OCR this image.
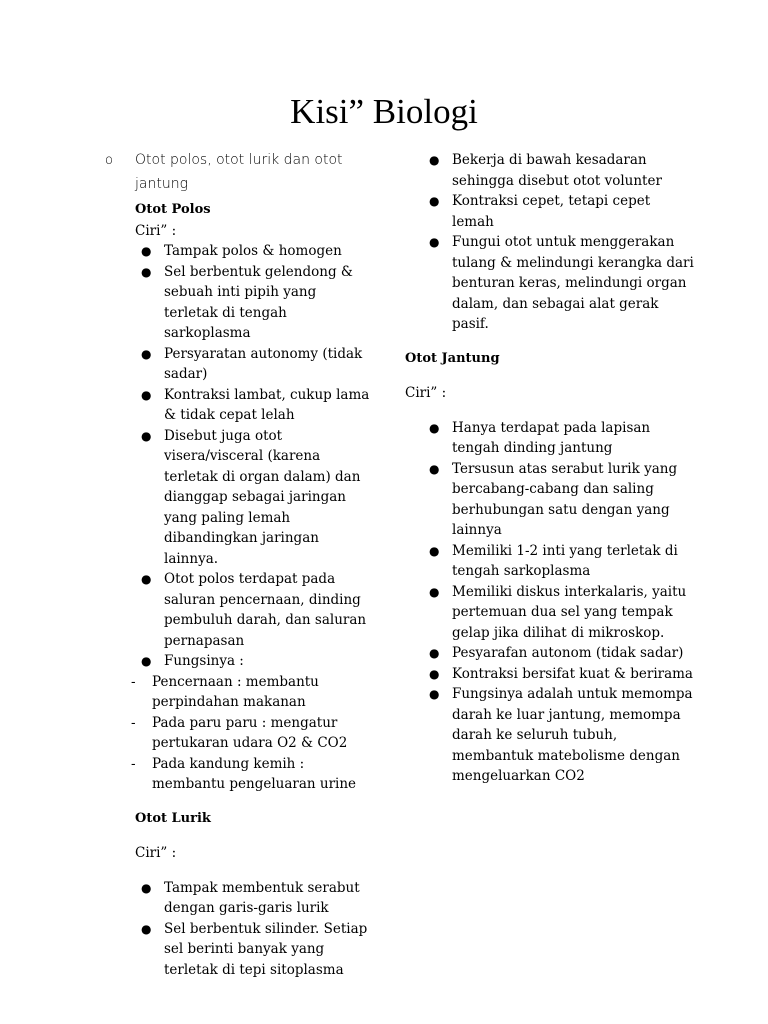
Kisi” Biologi
o Otot polos, otot lurik dan otot jantung
Otot Polos
Ciri” :
● Tampak polos & homogen
● Sel berbentuk gelendong & sebuah inti pipih yang terletak di tengah sarkoplasma
● Persyaratan autonomy (tidak sadar)
● Kontraksi lambat, cukup lama & tidak cepat lelah
● Disebut juga otot visera/visceral (karena terletak di organ dalam) dan dianggap sebagai jaringan yang paling lemah dibandingkan jaringan lainnya.
● Otot polos terdapat pada saluran pencernaan, dinding pembuluh darah, dan saluran pernapasan
● Fungsinya :
- Pencernaan : membantu perpindahan makanan
- Pada paru paru : mengatur pertukaran udara O2 & CO2
- Pada kandung kemih : membantu pengeluaran urine
Otot Lurik
Ciri” :
● Tampak membentuk serabut dengan garis-garis lurik
● Sel berbentuk silinder. Setiap sel berinti banyak yang terletak di tepi sitoplasma
● Bekerja di bawah kesadaran sehingga disebut otot volunter
● Kontraksi cepet, tetapi cepet lemah
● Fungui otot untuk menggerakan tulang & melindungi kerangka dari benturan keras, melindungi organ dalam, dan sebagai alat gerak pasif.
Otot Jantung
Ciri” :
● Hanya terdapat pada lapisan tengah dinding jantung
● Tersusun atas serabut lurik yang bercabang-cabang dan saling berhubungan satu dengan yang lainnya
● Memiliki 1-2 inti yang terletak di tengah sarkoplasma
● Memiliki diskus interkalaris, yaitu pertemuan dua sel yang tempak gelap jika dilihat di mikroskop.
● Pesyarafan autonom (tidak sadar)
● Kontraksi bersifat kuat & berirama
● Fungsinya adalah untuk memompa darah ke luar jantung, memompa darah ke seluruh tubuh, membantuk matebolisme dengan mengeluarkan CO2
